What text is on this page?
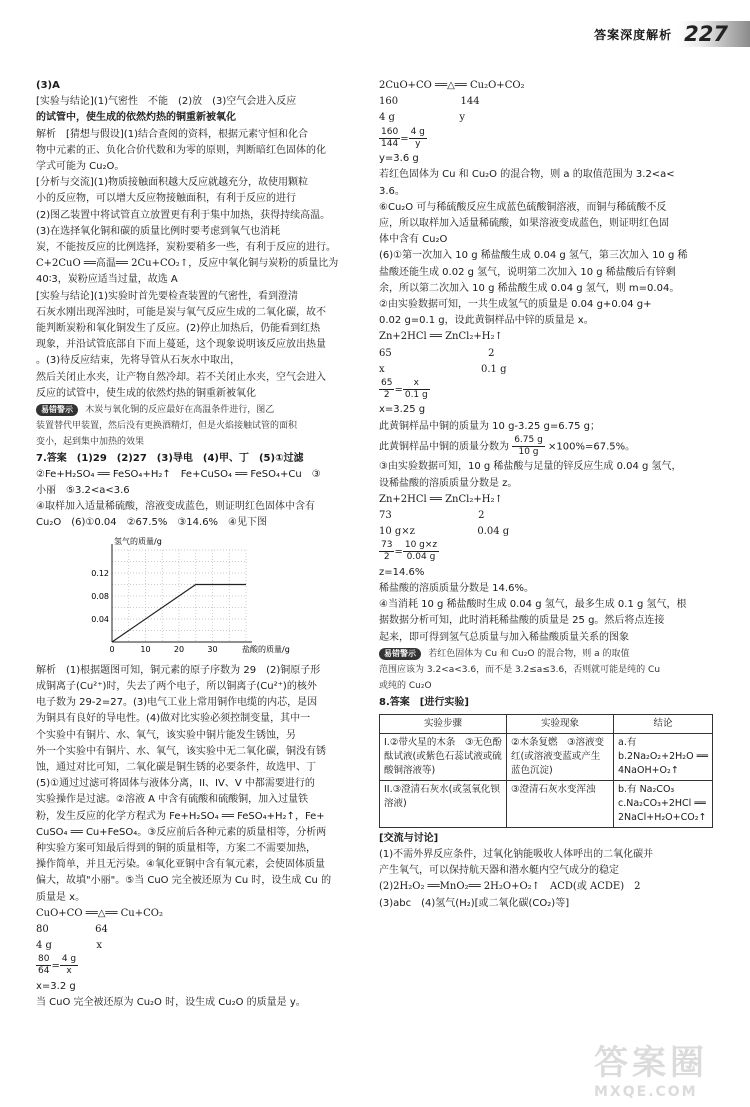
答案深度解析 227

(3)A

[实验与结论](1)气密性　不能　(2)放　(3)空气会进入反应

的试管中，使生成的依然灼热的铜重新被氧化

解析　[猜想与假设](1)结合查阅的资料，根据元素守恒和化合

物中元素的正、负化合价代数和为零的原则，判断暗红色固体的化

学式可能为 Cu₂O。

[分析与交流](1)物质接触面积越大反应就越充分，故使用颗粒

小的反应物，可以增大反应物接触面积，有利于反应的进行

(2)图乙装置中将试管直立放置更有利于集中加热，获得持续高温。

(3)在选择氧化铜和碳的质量比例时要考虑到氧气也消耗

炭，不能按反应的比例选择，炭粉要稍多一些，有利于反应的进行。

C+2CuO ══高温══ 2Cu+CO₂↑，反应中氧化铜与炭粉的质量比为

40∶3，炭粉应适当过量，故选 A

[实验与结论](1)实验时首先要检查装置的气密性，看到澄清

石灰水刚出现浑浊时，可能是炭与氧气反应生成的二氧化碳，故不

能判断炭粉和氧化铜发生了反应。(2)停止加热后，仍能看到红热

现象，并沿试管底部自下而上蔓延，这个现象说明该反应放出热量

。(3)待反应结束，先将导管从石灰水中取出，

然后关闭止水夹，让产物自然冷却。若不关闭止水夹，空气会进入

反应的试管中，使生成的依然灼热的铜重新被氧化

易错警示 木炭与氧化铜的反应最好在高温条件进行，图乙

装置替代甲装置，然后没有更换酒精灯，但是火焰接触试管的面积

变小，起到集中加热的效果

7.答案　(1)29　(2)27　(3)导电　(4)甲、丁　(5)①过滤

②Fe+H₂SO₄ ══ FeSO₄+H₂↑　Fe+CuSO₄ ══ FeSO₄+Cu　③

小丽　⑤3.2<a<3.6

④取样加入适量稀硫酸，溶液变成蓝色，则证明红色固体中含有

Cu₂O　(6)①0.04　②67.5%　③14.6%　④见下图

0	10	20	30
0.04
0.08
0.12
氢气的质量/g
盐酸的质量/g

解析　(1)根据题图可知，铜元素的原子序数为 29　(2)铜原子形

成铜离子(Cu²⁺)时，失去了两个电子，所以铜离子(Cu²⁺)的核外

电子数为 29-2=27。(3)电气工业上常用铜作电缆的内芯，是因

为铜具有良好的导电性。(4)做对比实验必须控制变量，其中一

个实验中有铜片、水、氧气，该实验中铜片能发生锈蚀，另

外一个实验中有铜片、水、氧气，该实验中无二氧化碳，铜没有锈

蚀，通过对比可知，二氧化碳是铜生锈的必要条件，故选甲、丁

(5)①通过过滤可将固体与液体分离，II、IV、V 中都需要进行的

实验操作是过滤。②溶液 A 中含有硫酸和硫酸铜，加入过量铁

粉，发生反应的化学方程式为 Fe+H₂SO₄ ══ FeSO₄+H₂↑，Fe+

CuSO₄ ══ Cu+FeSO₄。③反应前后各种元素的质量相等，分析两

种实验方案可知最后得到的铜的质量相等，方案二不需要加热，

操作简单，并且无污染。④氧化亚铜中含有氧元素，会使固体质量

偏大，故填"小丽"。⑤当 CuO 完全被还原为 Cu 时，设生成 Cu 的

质量是 x。

CuO+CO ══△══ Cu+CO₂

80	64

4 g	x

$\frac{80}{64} = \frac{4 g}{x}$

x=3.2 g

当 CuO 完全被还原为 Cu₂O 时，设生成 Cu₂O 的质量是 y。

2CuO+CO ══△══ Cu₂O+CO₂

160	144

4 g	y

$\frac{160}{144} = \frac{4 g}{y}$

y=3.6 g

若红色固体为 Cu 和 Cu₂O 的混合物，则 a 的取值范围为 3.2<a<

3.6。

⑥Cu₂O 可与稀硫酸反应生成蓝色硫酸铜溶液，而铜与稀硫酸不反

应，所以取样加入适量稀硫酸，如果溶液变成蓝色，则证明红色固

体中含有 Cu₂O

(6)①第一次加入 10 g 稀盐酸生成 0.04 g 氢气，第三次加入 10 g 稀

盐酸还能生成 0.02 g 氢气，说明第二次加入 10 g 稀盐酸后有锌剩

余，所以第二次加入 10 g 稀盐酸生成 0.04 g 氢气，则 m=0.04。

②由实验数据可知，一共生成氢气的质量是 0.04 g+0.04 g+

0.02 g=0.1 g，设此黄铜样品中锌的质量是 x。

Zn+2HCl ══ ZnCl₂+H₂↑

65	2

x	0.1 g

$\frac{65}{2} = \frac{x}{0.1 g}$

x=3.25 g

此黄铜样品中铜的质量为 10 g-3.25 g=6.75 g；

此黄铜样品中铜的质量分数为 $\frac{6.75 g}{10 g} \times 100\%=67.5\%$。

③由实验数据可知，10 g 稀盐酸与足量的锌反应生成 0.04 g 氢气，

设稀盐酸的溶质质量分数是 z。

Zn+2HCl ══ ZnCl₂+H₂↑

73	2

10 g×z	0.04 g

$\frac{73}{2} = \frac{10 g\times z}{0.04 g}$

z=14.6%

稀盐酸的溶质质量分数是 14.6%。

④当消耗 10 g 稀盐酸时生成 0.04 g 氢气，最多生成 0.1 g 氢气，根

据数据分析可知，此时消耗稀盐酸的质量是 25 g。然后将点连接

起来，即可得到氢气总质量与加入稀盐酸质量关系的图象

易错警示 若红色固体为 Cu 和 Cu₂O 的混合物，则 a 的取值

范围应该为 3.2<a<3.6，而不是 3.2≤a≤3.6，否则就可能是纯的 Cu

或纯的 Cu₂O

8.答案　[进行实验]

实验步骤	实验现象	结论
I.②带火星的木条　③无色酚酞试液(或紫色石蕊试液或硫酸铜溶液等)	②木条复燃　③溶液变红(或溶液变蓝或产生蓝色沉淀)	a.有　b.2Na₂O₂+2H₂O ══ 4NaOH+O₂↑
II.③澄清石灰水(或氢氧化钡溶液)	③澄清石灰水变浑浊	b.有 Na₂CO₃　c.Na₂CO₃+2HCl ══ 2NaCl+H₂O+CO₂↑

[交流与讨论]

(1)不需外界反应条件，过氧化钠能吸收人体呼出的二氧化碳并

产生氧气，可以保持航天器和潜水艇内空气成分的稳定

(2)2H₂O₂ ══MnO₂══ 2H₂O+O₂↑　ACD(或 ACDE)　2

(3)abc　(4)氢气(H₂)[或二氧化碳(CO₂)等]

答案圈
MXQE.COM
